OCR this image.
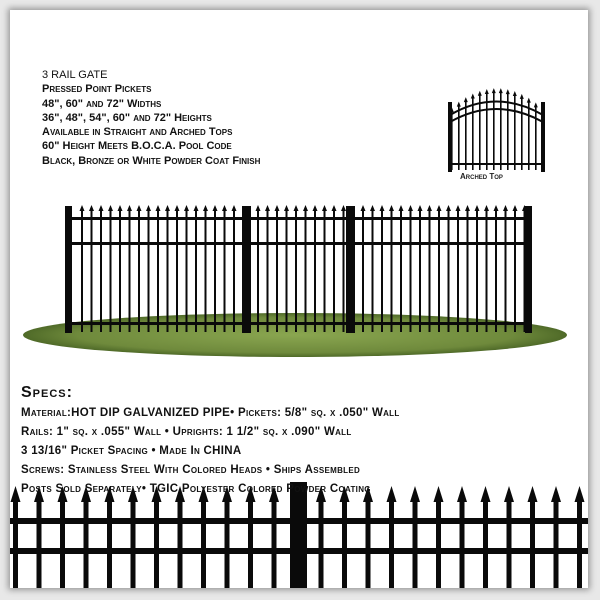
3 RAIL GATE
Pressed Point Pickets
48", 60" and 72" Widths
36", 48", 54", 60" and 72" Heights
Available in Straight and Arched Tops
60" Height Meets B.O.C.A. Pool Code
Black, Bronze or White Powder Coat Finish
Arched Top
Specs:
Material:HOT DIP GALVANIZED PIPE• Pickets: 5/8" sq. x .050" Wall
Rails: 1" sq. x .055" Wall • Uprights: 1 1/2" sq. x .090" Wall
3 13/16" Picket Spacing • Made In CHINA
Screws: Stainless Steel With Colored Heads • Ships Assembled
Posts Sold Separately• TGIC Polyester Colored Powder Coating
